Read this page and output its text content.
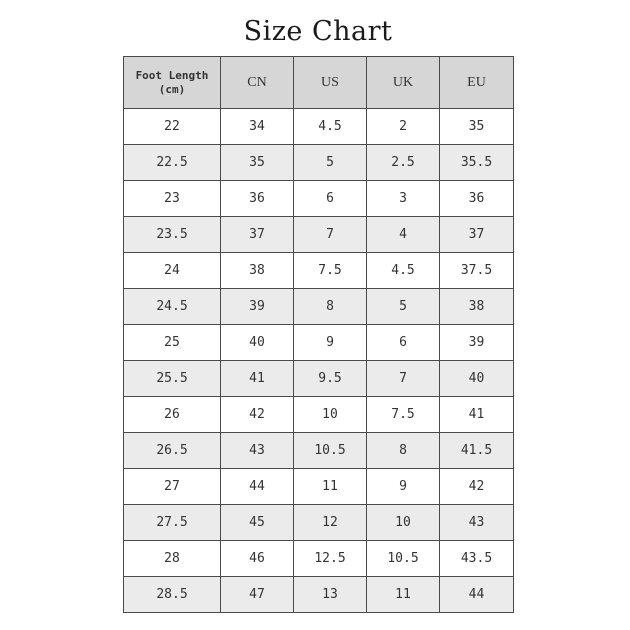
Size Chart
Foot Length
(cm)	CN	US	UK	EU
22	34	4.5	2	35
22.5	35	5	2.5	35.5
23	36	6	3	36
23.5	37	7	4	37
24	38	7.5	4.5	37.5
24.5	39	8	5	38
25	40	9	6	39
25.5	41	9.5	7	40
26	42	10	7.5	41
26.5	43	10.5	8	41.5
27	44	11	9	42
27.5	45	12	10	43
28	46	12.5	10.5	43.5
28.5	47	13	11	44
